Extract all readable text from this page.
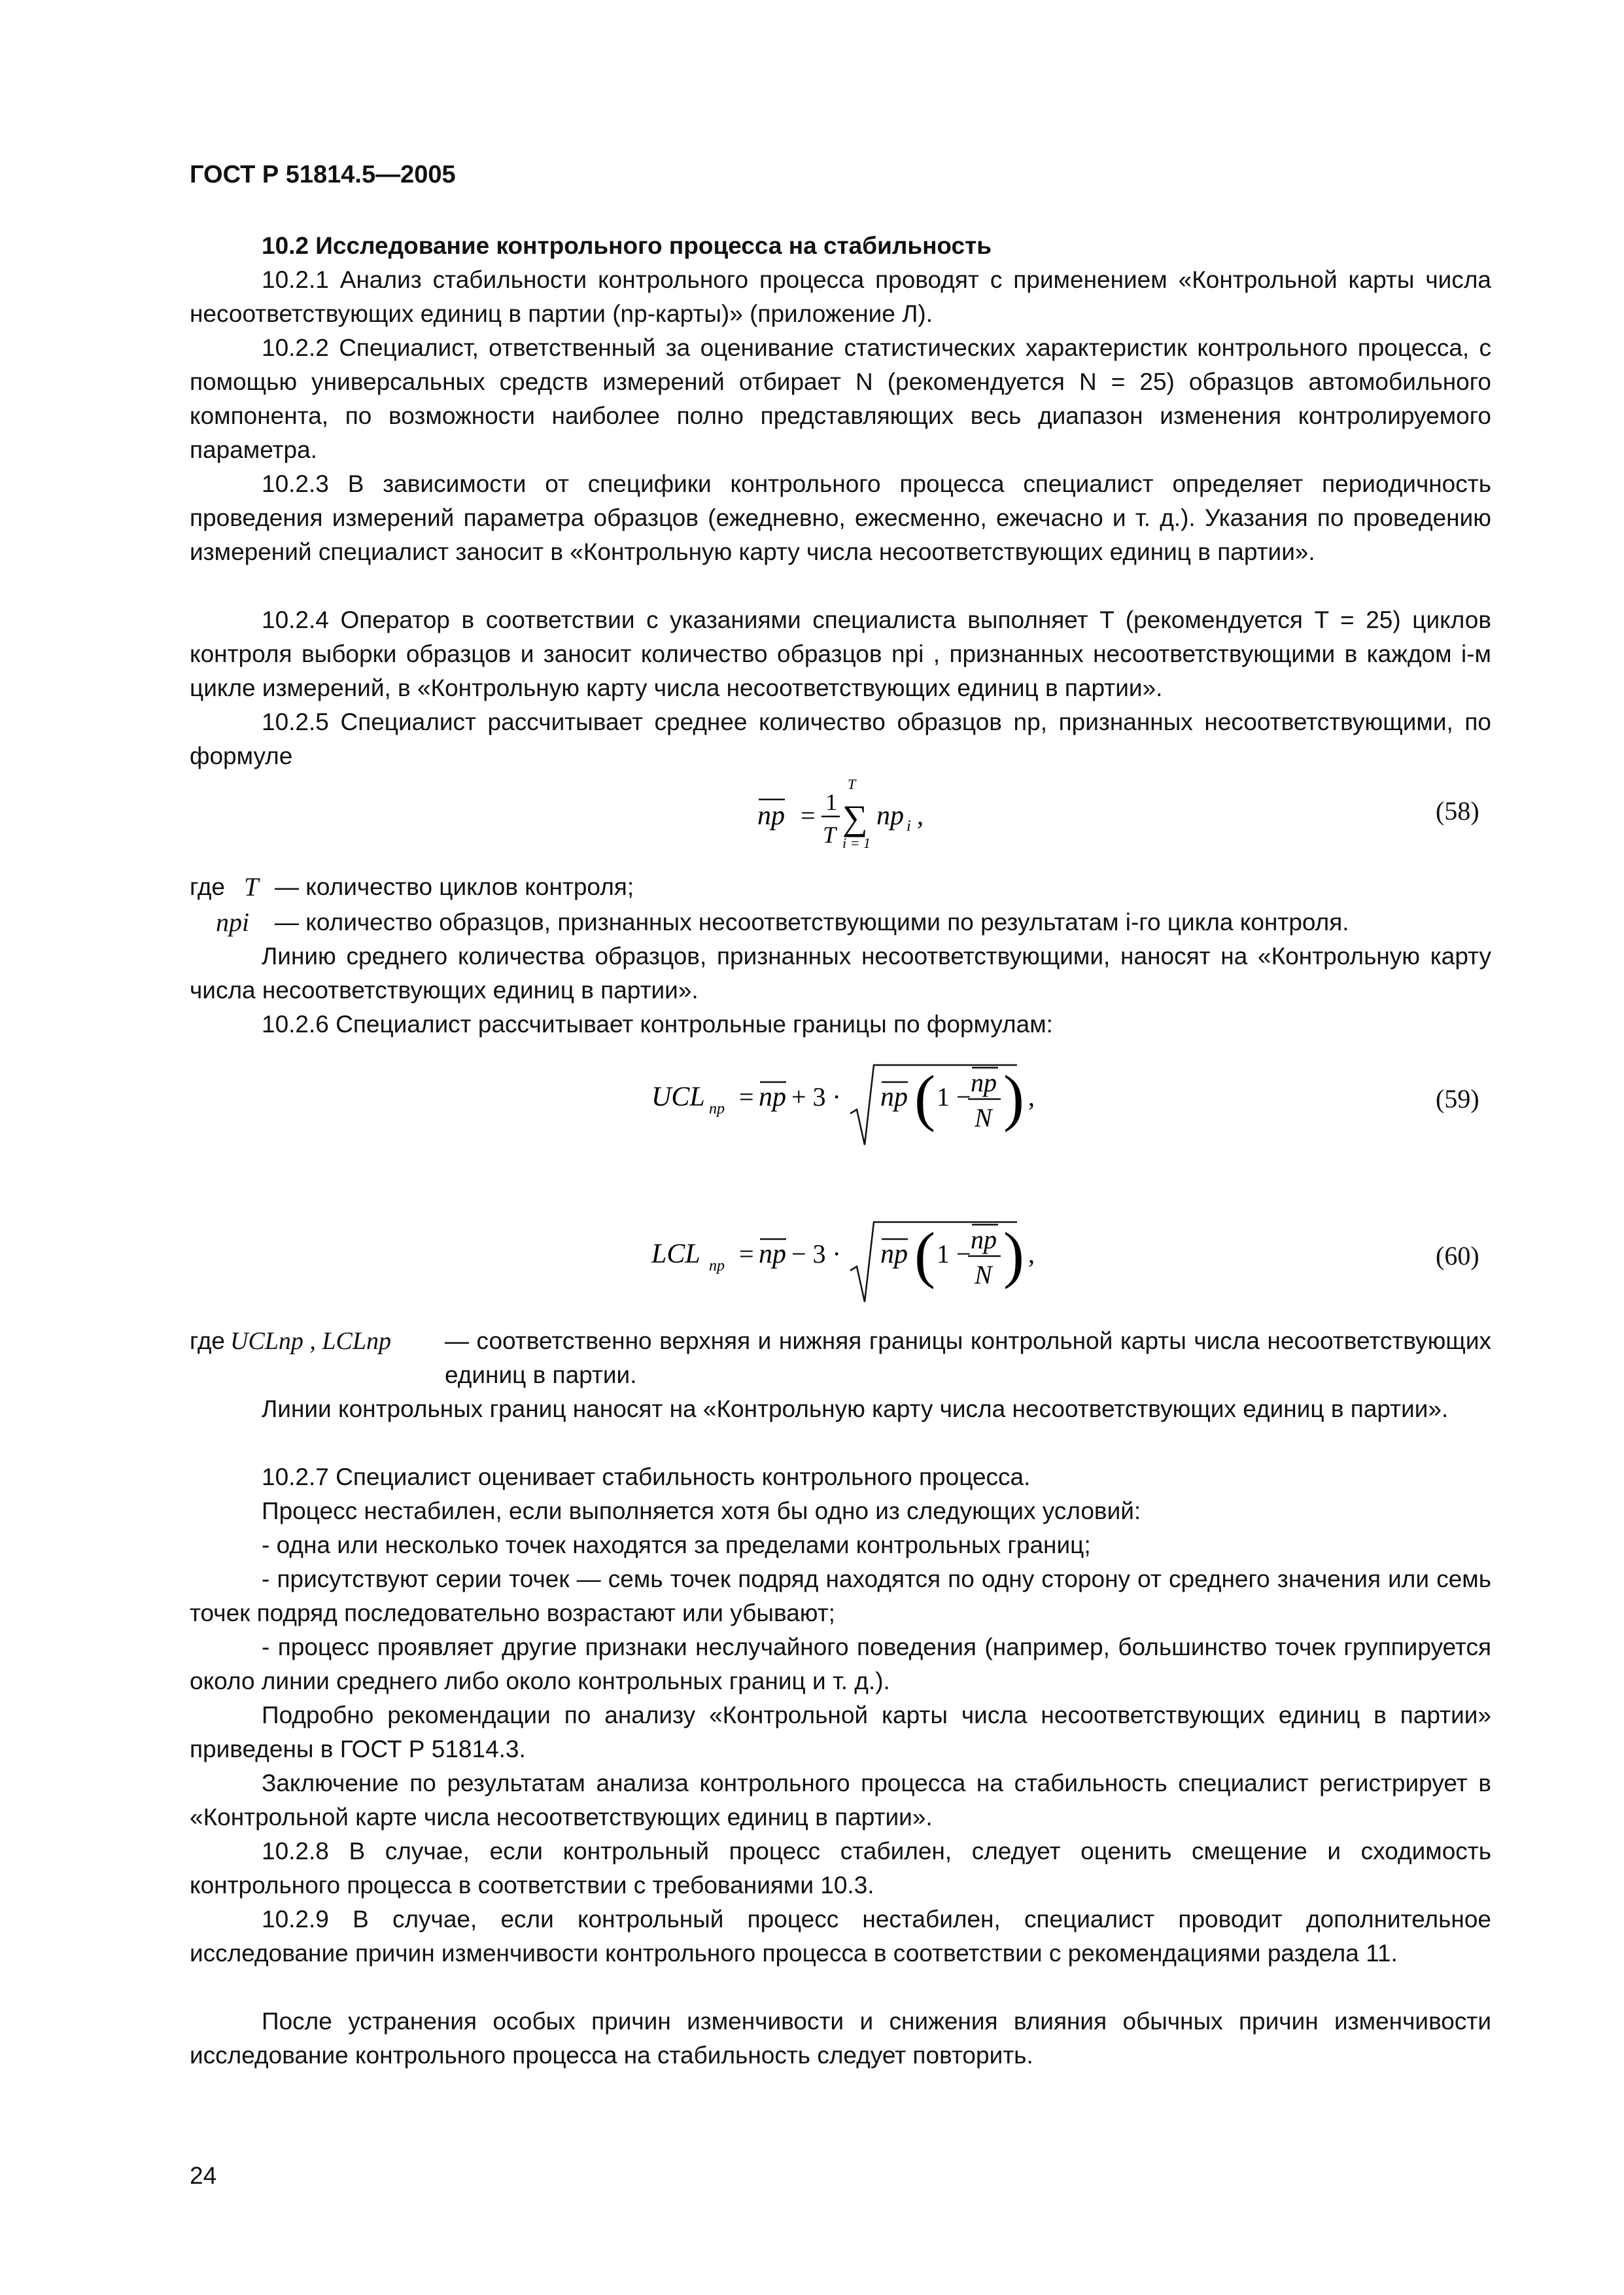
ГОСТ Р 51814.5—2005
10.2 Исследование контрольного процесса на стабильность
10.2.1 Анализ стабильности контрольного процесса проводят с применением «Контрольной карты числа несоответствующих единиц в партии (np-карты)» (приложение Л).
10.2.2 Специалист, ответственный за оценивание статистических характеристик контрольного процесса, с помощью универсальных средств измерений отбирает N (рекомендуется N = 25) образцов автомобильного компонента, по возможности наиболее полно представляющих весь диапазон изменения контролируемого параметра.
10.2.3 В зависимости от специфики контрольного процесса специалист определяет периодичность проведения измерений параметра образцов (ежедневно, ежесменно, ежечасно и т. д.). Указания по проведению измерений специалист заносит в «Контрольную карту числа несоответствующих единиц в партии».
10.2.4 Оператор в соответствии с указаниями специалиста выполняет T (рекомендуется T = 25) циклов контроля выборки образцов и заносит количество образцов npi , признанных несоответствующими в каждом i-м цикле измерений, в «Контрольную карту числа несоответствующих единиц в партии».
10.2.5 Специалист рассчитывает среднее количество образцов np, признанных несоответствующими, по формуле
np = 1
T
T
∑
i = 1
np i ,	(58)
где T — количество циклов контроля;
npi — количество образцов, признанных несоответствующими по результатам i-го цикла контроля.
Линию среднего количества образцов, признанных несоответствующими, наносят на «Контрольную карту числа несоответствующих единиц в партии».
10.2.6 Специалист рассчитывает контрольные границы по формулам:
UCL np = np + 3 · np ( 1 − np
N ) ,	(59)
LCL np = np − 3 · np ( 1 − np
N ) ,	(60)
где UCLnp , LCLnp — соответственно верхняя и нижняя границы контрольной карты числа несоответствующих единиц в партии.
Линии контрольных границ наносят на «Контрольную карту числа несоответствующих единиц в партии».
10.2.7 Специалист оценивает стабильность контрольного процесса.
Процесс нестабилен, если выполняется хотя бы одно из следующих условий:
- одна или несколько точек находятся за пределами контрольных границ;
- присутствуют серии точек — семь точек подряд находятся по одну сторону от среднего значения или семь точек подряд последовательно возрастают или убывают;
- процесс проявляет другие признаки неслучайного поведения (например, большинство точек группируется около линии среднего либо около контрольных границ и т. д.).
Подробно рекомендации по анализу «Контрольной карты числа несоответствующих единиц в партии» приведены в ГОСТ Р 51814.3.
Заключение по результатам анализа контрольного процесса на стабильность специалист регистрирует в «Контрольной карте числа несоответствующих единиц в партии».
10.2.8 В случае, если контрольный процесс стабилен, следует оценить смещение и сходимость контрольного процесса в соответствии с требованиями 10.3.
10.2.9 В случае, если контрольный процесс нестабилен, специалист проводит дополнительное исследование причин изменчивости контрольного процесса в соответствии с рекомендациями раздела 11.
После устранения особых причин изменчивости и снижения влияния обычных причин изменчивости исследование контрольного процесса на стабильность следует повторить.
24
